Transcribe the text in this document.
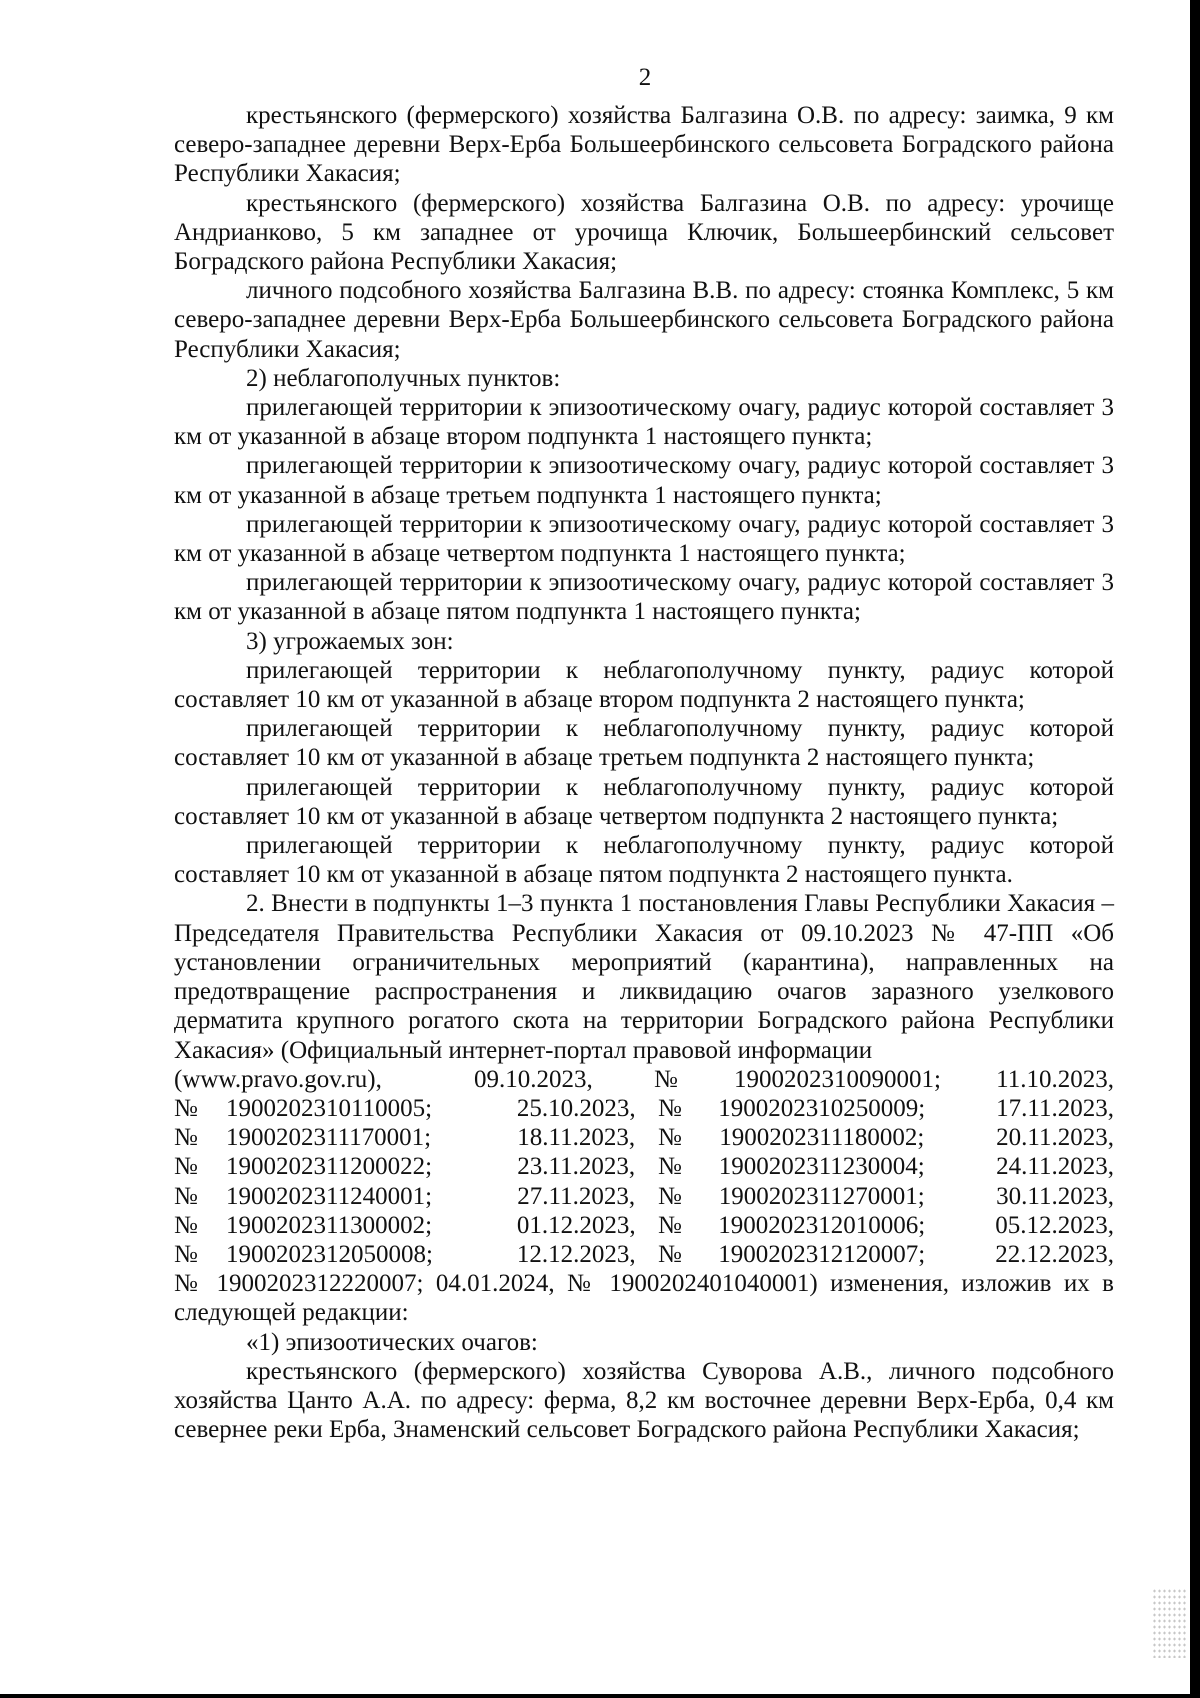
2

крестьянского (фермерского) хозяйства Балгазина О.В. по адресу: заимка, 9 км северо-западнее деревни Верх-Ерба Большеербинского сельсовета Боградского района Республики Хакасия;

крестьянского (фермерского) хозяйства Балгазина О.В. по адресу: урочище Андрианково, 5 км западнее от урочища Ключик, Большеербинский сельсовет Боградского района Республики Хакасия;

личного подсобного хозяйства Балгазина В.В. по адресу: стоянка Комплекс, 5 км северо-западнее деревни Верх-Ерба Большеербинского сельсовета Боградского района Республики Хакасия;

2) неблагополучных пунктов:

прилегающей территории к эпизоотическому очагу, радиус которой составляет 3 км от указанной в абзаце втором подпункта 1 настоящего пункта;

прилегающей территории к эпизоотическому очагу, радиус которой составляет 3 км от указанной в абзаце третьем подпункта 1 настоящего пункта;

прилегающей территории к эпизоотическому очагу, радиус которой составляет 3 км от указанной в абзаце четвертом подпункта 1 настоящего пункта;

прилегающей территории к эпизоотическому очагу, радиус которой составляет 3 км от указанной в абзаце пятом подпункта 1 настоящего пункта;

3) угрожаемых зон:

прилегающей территории к неблагополучному пункту, радиус которой составляет 10 км от указанной в абзаце втором подпункта 2 настоящего пункта;

прилегающей территории к неблагополучному пункту, радиус которой составляет 10 км от указанной в абзаце третьем подпункта 2 настоящего пункта;

прилегающей территории к неблагополучному пункту, радиус которой составляет 10 км от указанной в абзаце четвертом подпункта 2 настоящего пункта;

прилегающей территории к неблагополучному пункту, радиус которой составляет 10 км от указанной в абзаце пятом подпункта 2 настоящего пункта.

2. Внести в подпункты 1–3 пункта 1 постановления Главы Республики Хакасия – Председателя Правительства Республики Хакасия от 09.10.2023 № 47-ПП «Об установлении ограничительных мероприятий (карантина), направленных на предотвращение распространения и ликвидацию очагов заразного узелкового дерматита крупного рогатого скота на территории Боградского района Республики Хакасия» (Официальный интернет-портал правовой информации

(www.pravo.gov.ru),	09.10.2023,	№	1900202310090001;	11.10.2023,
№	1900202310110005;	25.10.2023,	№	1900202310250009;	17.11.2023,
№	1900202311170001;	18.11.2023,	№	1900202311180002;	20.11.2023,
№	1900202311200022;	23.11.2023,	№	1900202311230004;	24.11.2023,
№	1900202311240001;	27.11.2023,	№	1900202311270001;	30.11.2023,
№	1900202311300002;	01.12.2023,	№	1900202312010006;	05.12.2023,
№	1900202312050008;	12.12.2023,	№	1900202312120007;	22.12.2023,

№ 1900202312220007; 04.01.2024, № 1900202401040001) изменения, изложив их в следующей редакции:

«1) эпизоотических очагов:

крестьянского (фермерского) хозяйства Суворова А.В., личного подсобного хозяйства Цанто А.А. по адресу: ферма, 8,2 км восточнее деревни Верх-Ерба, 0,4 км севернее реки Ерба, Знаменский сельсовет Боградского района Республики Хакасия;
